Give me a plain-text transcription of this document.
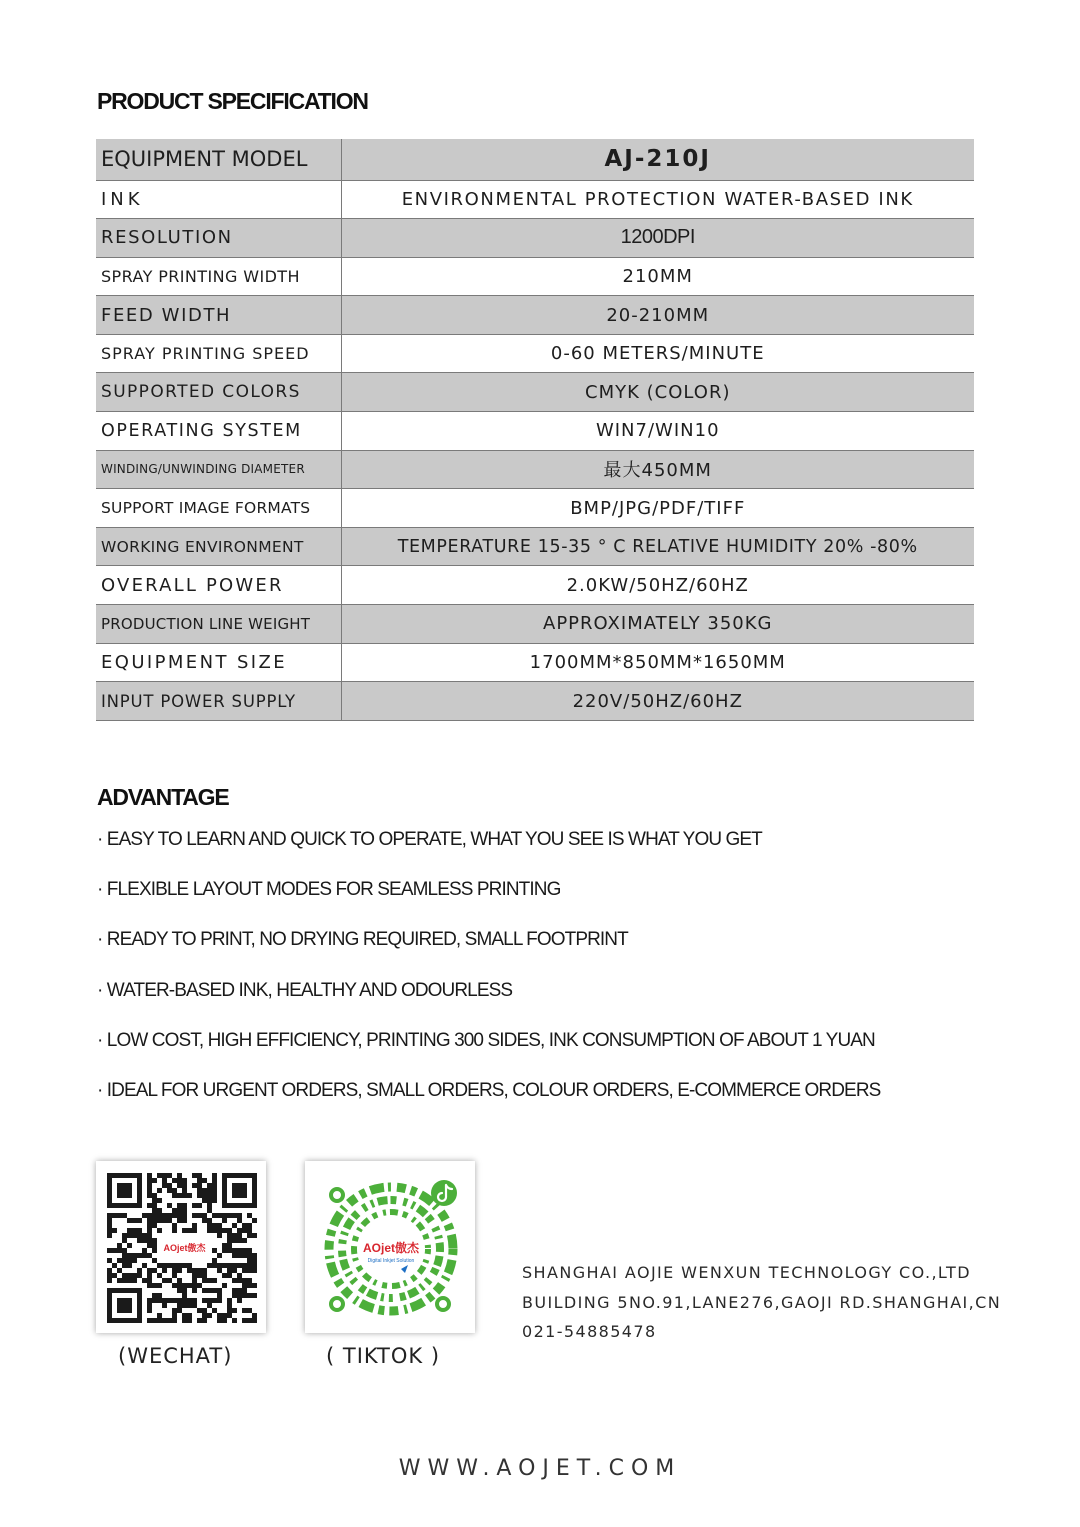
PRODUCT SPECIFICATION
EQUIPMENT MODEL	AJ-210J
INK	ENVIRONMENTAL PROTECTION WATER-BASED INK
RESOLUTION	1200DPI
SPRAY PRINTING WIDTH	210MM
FEED WIDTH	20-210MM
SPRAY PRINTING SPEED	0-60 METERS/MINUTE
SUPPORTED COLORS	CMYK (COLOR)
OPERATING SYSTEM	WIN7/WIN10
WINDING/UNWINDING DIAMETER	最大450MM
SUPPORT IMAGE FORMATS	BMP/JPG/PDF/TIFF
WORKING ENVIRONMENT	TEMPERATURE 15-35 ° C RELATIVE HUMIDITY 20% -80%
OVERALL POWER	2.0KW/50HZ/60HZ
PRODUCTION LINE WEIGHT	APPROXIMATELY 350KG
EQUIPMENT SIZE	1700MM*850MM*1650MM
INPUT POWER SUPPLY	220V/50HZ/60HZ
ADVANTAGE
· EASY TO LEARN AND QUICK TO OPERATE, WHAT YOU SEE IS WHAT YOU GET
· FLEXIBLE LAYOUT MODES FOR SEAMLESS PRINTING
· READY TO PRINT, NO DRYING REQUIRED, SMALL FOOTPRINT
· WATER-BASED INK, HEALTHY AND ODOURLESS
· LOW COST, HIGH EFFICIENCY, PRINTING 300 SIDES, INK CONSUMPTION OF ABOUT 1 YUAN
· IDEAL FOR URGENT ORDERS, SMALL ORDERS, COLOUR ORDERS, E-COMMERCE ORDERS
AOjet傲杰	AOjet傲杰
Digital Inkjet Solution
(WECHAT)	( TIKTOK )
SHANGHAI AOJIE WENXUN TECHNOLOGY CO.,LTD
BUILDING 5NO.91,LANE276,GAOJI RD.SHANGHAI,CN
021-54885478
WWW.AOJET.COM
